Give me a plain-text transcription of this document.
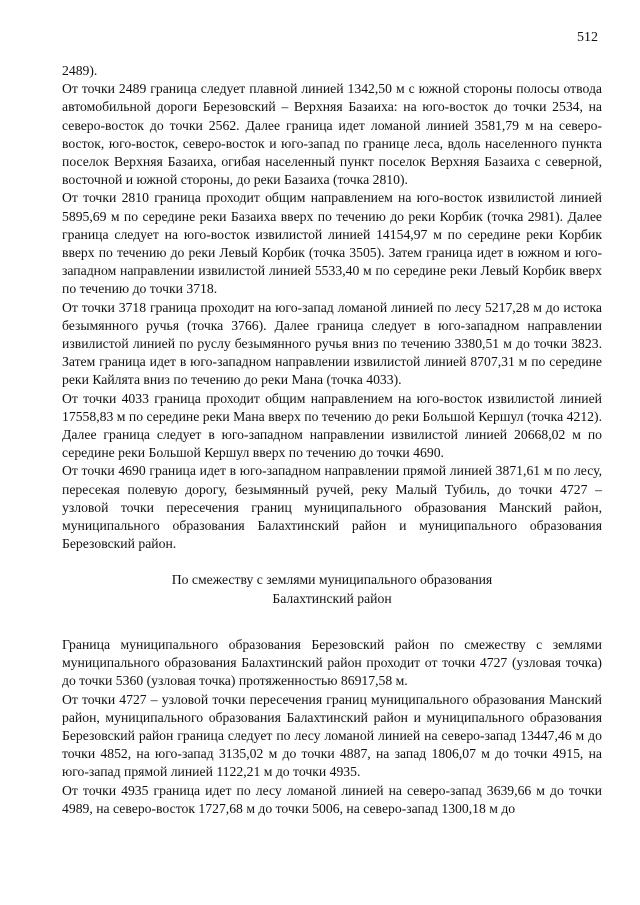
512

2489).

От точки 2489 граница следует плавной линией 1342,50 м с южной стороны полосы отвода автомобильной дороги Березовский – Верхняя Базаиха: на юго-восток до точки 2534, на северо-восток до точки 2562. Далее граница идет ломаной линией 3581,79 м на северо-восток, юго-восток, северо-восток и юго-запад по границе леса, вдоль населенного пункта поселок Верхняя Базаиха, огибая населенный пункт поселок Верхняя Базаиха с северной, восточной и южной стороны, до реки Базаиха (точка 2810).

От точки 2810 граница проходит общим направлением на юго-восток извилистой линией 5895,69 м по середине реки Базаиха вверх по течению до реки Корбик (точка 2981). Далее граница следует на юго-восток извилистой линией 14154,97 м по середине реки Корбик вверх по течению до реки Левый Корбик (точка 3505). Затем граница идет в южном и юго-западном направлении извилистой линией 5533,40 м по середине реки Левый Корбик вверх по течению до точки 3718.

От точки 3718 граница проходит на юго-запад ломаной линией по лесу 5217,28 м до истока безымянного ручья (точка 3766). Далее граница следует в юго-западном направлении извилистой линией по руслу безымянного ручья вниз по течению 3380,51 м до точки 3823. Затем граница идет в юго-западном направлении извилистой линией 8707,31 м по середине реки Кайлята вниз по течению до реки Мана (точка 4033).

От точки 4033 граница проходит общим направлением на юго-восток извилистой линией 17558,83 м по середине реки Мана вверх по течению до реки Большой Кершул (точка 4212). Далее граница следует в юго-западном направлении извилистой линией 20668,02 м по середине реки Большой Кершул вверх по течению до точки 4690.

От точки 4690 граница идет в юго-западном направлении прямой линией 3871,61 м по лесу, пересекая полевую дорогу, безымянный ручей, реку Малый Тубиль, до точки 4727 – узловой точки пересечения границ муниципального образования Манский район, муниципального образования Балахтинский район и муниципального образования Березовский район.

По смежеству с землями муниципального образования

Балахтинский район

Граница муниципального образования Березовский район по смежеству с землями муниципального образования Балахтинский район проходит от точки 4727 (узловая точка) до точки 5360 (узловая точка) протяженностью 86917,58 м.

От точки 4727 – узловой точки пересечения границ муниципального образования Манский район, муниципального образования Балахтинский район и муниципального образования Березовский район граница следует по лесу ломаной линией на северо-запад 13447,46 м до точки 4852, на юго-запад 3135,02 м до точки 4887, на запад 1806,07 м до точки 4915, на юго-запад прямой линией 1122,21 м до точки 4935.

От точки 4935 граница идет по лесу ломаной линией на северо-запад 3639,66 м до точки 4989, на северо-восток 1727,68 м до точки 5006, на северо-запад 1300,18 м до
